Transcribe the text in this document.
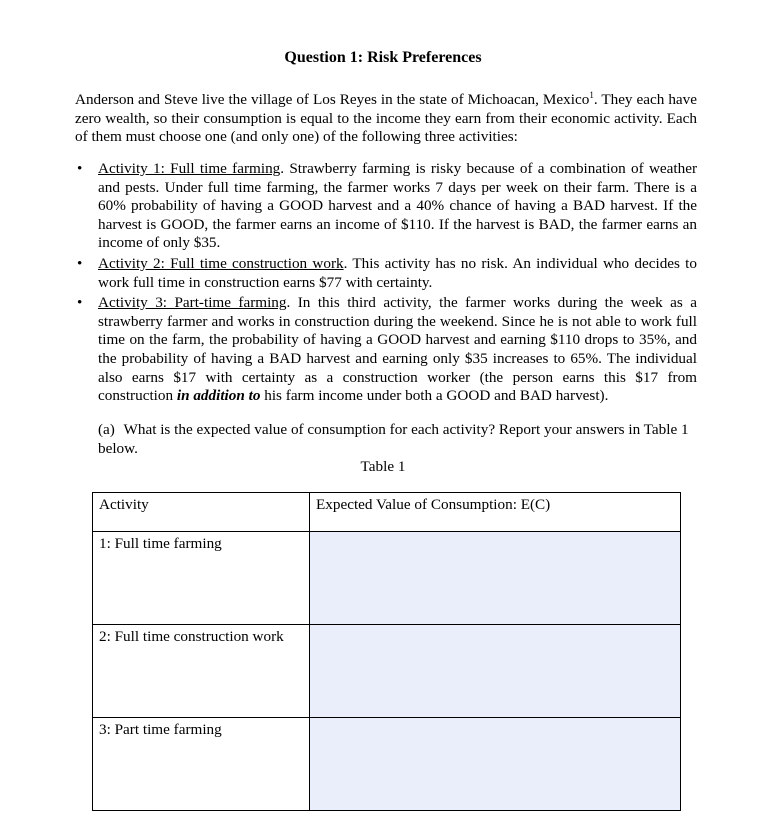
Question 1: Risk Preferences
Anderson and Steve live the village of Los Reyes in the state of Michoacan, Mexico$^1$. They each have zero wealth, so their consumption is equal to the income they earn from their economic activity. Each of them must choose one (and only one) of the following three activities:
• Activity 1: Full time farming. Strawberry farming is risky because of a combination of weather and pests. Under full time farming, the farmer works 7 days per week on their farm. There is a 60% probability of having a GOOD harvest and a 40% chance of having a BAD harvest. If the harvest is GOOD, the farmer earns an income of $110. If the harvest is BAD, the farmer earns an income of only $35.
• Activity 2: Full time construction work. This activity has no risk. An individual who decides to work full time in construction earns $77 with certainty.
• Activity 3: Part-time farming. In this third activity, the farmer works during the week as a strawberry farmer and works in construction during the weekend. Since he is not able to work full time on the farm, the probability of having a GOOD harvest and earning $110 drops to 35%, and the probability of having a BAD harvest and earning only $35 increases to 65%. The individual also earns $17 with certainty as a construction worker (the person earns this $17 from construction in addition to his farm income under both a GOOD and BAD harvest).
(a) What is the expected value of consumption for each activity? Report your answers in Table 1 below.
Table 1
Activity	Expected Value of Consumption: E(C)
1: Full time farming	
2: Full time construction work	
3: Part time farming	
